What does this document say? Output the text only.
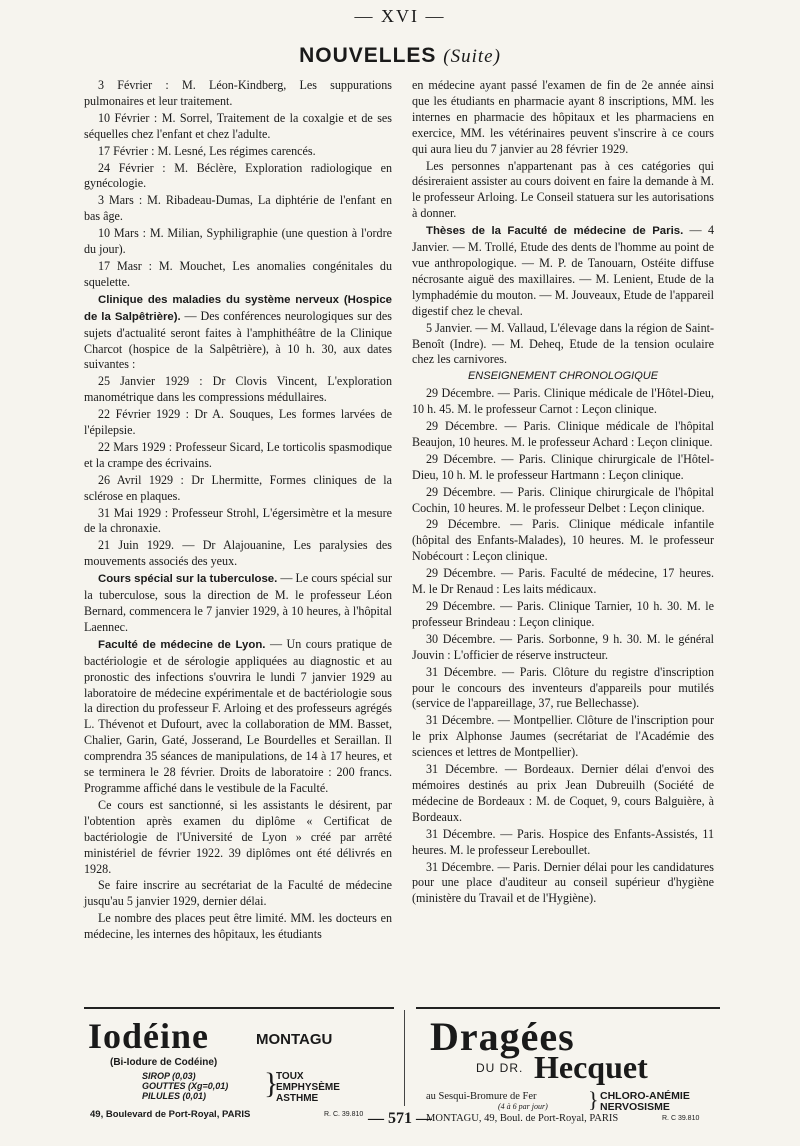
— XVI —
NOUVELLES (Suite)

3 Février : M. Léon-Kindberg, Les suppurations pulmonaires et leur traitement.

10 Février : M. Sorrel, Traitement de la coxalgie et de ses séquelles chez l'enfant et chez l'adulte.

17 Février : M. Lesné, Les régimes carencés.

24 Février : M. Béclère, Exploration radiologique en gynécologie.

3 Mars : M. Ribadeau-Dumas, La diphtérie de l'enfant en bas âge.

10 Mars : M. Milian, Syphiligraphie (une question à l'ordre du jour).

17 Masr : M. Mouchet, Les anomalies congénitales du squelette.

Clinique des maladies du système nerveux (Hospice de la Salpêtrière). — Des conférences neurologiques sur des sujets d'actualité seront faites à l'amphithéâtre de la Clinique Charcot (hospice de la Salpêtrière), à 10 h. 30, aux dates suivantes :

25 Janvier 1929 : Dr Clovis Vincent, L'exploration manométrique dans les compressions médullaires.

22 Février 1929 : Dr A. Souques, Les formes larvées de l'épilepsie.

22 Mars 1929 : Professeur Sicard, Le torticolis spasmodique et la crampe des écrivains.

26 Avril 1929 : Dr Lhermitte, Formes cliniques de la sclérose en plaques.

31 Mai 1929 : Professeur Strohl, L'égersimètre et la mesure de la chronaxie.

21 Juin 1929. — Dr Alajouanine, Les paralysies des mouvements associés des yeux.

Cours spécial sur la tuberculose. — Le cours spécial sur la tuberculose, sous la direction de M. le professeur Léon Bernard, commencera le 7 janvier 1929, à 10 heures, à l'hôpital Laennec.

Faculté de médecine de Lyon. — Un cours pratique de bactériologie et de sérologie appliquées au diagnostic et au pronostic des infections s'ouvrira le lundi 7 janvier 1929 au laboratoire de médecine expérimentale et de bactériologie sous la direction du professeur F. Arloing et des professeurs agrégés L. Thévenot et Dufourt, avec la collaboration de MM. Basset, Chalier, Garin, Gaté, Josserand, Le Bourdelles et Seraillan. Il comprendra 35 séances de manipulations, de 14 à 17 heures, et se terminera le 28 février. Droits de laboratoire : 200 francs. Programme affiché dans le vestibule de la Faculté.

Ce cours est sanctionné, si les assistants le désirent, par l'obtention après examen du diplôme « Certificat de bactériologie de l'Université de Lyon » créé par arrêté ministériel de février 1922. 39 diplômes ont été délivrés en 1928.

Se faire inscrire au secrétariat de la Faculté de médecine jusqu'au 5 janvier 1929, dernier délai.

Le nombre des places peut être limité. MM. les docteurs en médecine, les internes des hôpitaux, les étudiants

en médecine ayant passé l'examen de fin de 2e année ainsi que les étudiants en pharmacie ayant 8 inscriptions, MM. les internes en pharmacie des hôpitaux et les pharmaciens en exercice, MM. les vétérinaires peuvent s'inscrire à ce cours qui aura lieu du 7 janvier au 28 février 1929.

Les personnes n'appartenant pas à ces catégories qui désireraient assister au cours doivent en faire la demande à M. le professeur Arloing. Le Conseil statuera sur les autorisations à donner.

Thèses de la Faculté de médecine de Paris. — 4 Janvier. — M. Trollé, Etude des dents de l'homme au point de vue anthropologique. — M. P. de Tanouarn, Ostéite diffuse nécrosante aiguë des maxillaires. — M. Lenient, Etude de la lymphadémie du mouton. — M. Jouveaux, Etude de l'appareil digestif chez le cheval.

5 Janvier. — M. Vallaud, L'élevage dans la région de Saint-Benoît (Indre). — M. Deheq, Etude de la tension oculaire chez les carnivores.

ENSEIGNEMENT CHRONOLOGIQUE

29 Décembre. — Paris. Clinique médicale de l'Hôtel-Dieu, 10 h. 45. M. le professeur Carnot : Leçon clinique.

29 Décembre. — Paris. Clinique médicale de l'hôpital Beaujon, 10 heures. M. le professeur Achard : Leçon clinique.

29 Décembre. — Paris. Clinique chirurgicale de l'Hôtel-Dieu, 10 h. M. le professeur Hartmann : Leçon clinique.

29 Décembre. — Paris. Clinique chirurgicale de l'hôpital Cochin, 10 heures. M. le professeur Delbet : Leçon clinique.

29 Décembre. — Paris. Clinique médicale infantile (hôpital des Enfants-Malades), 10 heures. M. le professeur Nobécourt : Leçon clinique.

29 Décembre. — Paris. Faculté de médecine, 17 heures. M. le Dr Renaud : Les laits médicaux.

29 Décembre. — Paris. Clinique Tarnier, 10 h. 30. M. le professeur Brindeau : Leçon clinique.

30 Décembre. — Paris. Sorbonne, 9 h. 30. M. le général Jouvin : L'officier de réserve instructeur.

31 Décembre. — Paris. Clôture du registre d'inscription pour le concours des inventeurs d'appareils pour mutilés (service de l'appareillage, 37, rue Bellechasse).

31 Décembre. — Montpellier. Clôture de l'inscription pour le prix Alphonse Jaumes (secrétariat de l'Académie des sciences et lettres de Montpellier).

31 Décembre. — Bordeaux. Dernier délai d'envoi des mémoires destinés au prix Jean Dubreuilh (Société de médecine de Bordeaux : M. de Coquet, 9, cours Balguière, à Bordeaux.

31 Décembre. — Paris. Hospice des Enfants-Assistés, 11 heures. M. le professeur Lereboullet.

31 Décembre. — Paris. Dernier délai pour les candidatures pour une place d'auditeur au conseil supérieur d'hygiène (ministère du Travail et de l'Hygiène).

Iodéine	MONTAGU
(Bi-Iodure de Codéine)
SIROP (0,03)
GOUTTES (Xg=0,01)
PILULES (0,01)	}
TOUX
EMPHYSÈME
ASTHME
49, Boulevard de Port-Royal, PARIS	R. C. 39.810
Dragées
DU DR. Hecquet
au Sesqui-Bromure de Fer
(4 à 6 par jour) } CHLORO-ANÉMIE
NERVOSISME
MONTAGU, 49, Boul. de Port-Royal, PARIS	R. C 39.810
— 571 —
